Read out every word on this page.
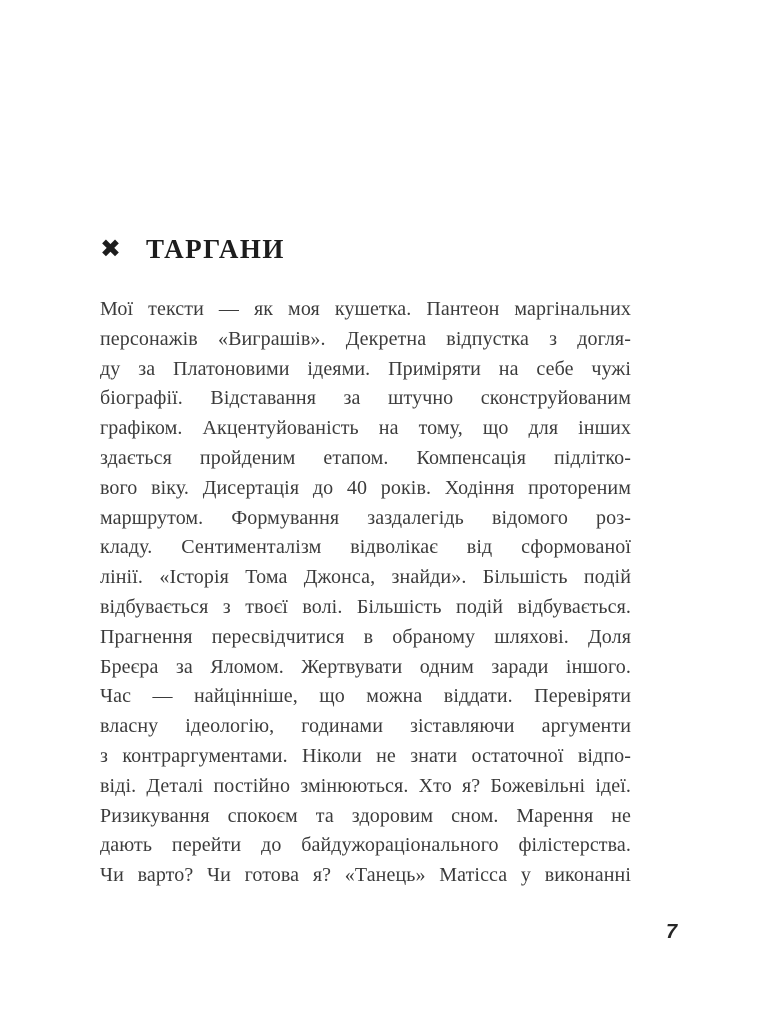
✖ ТАРГАНИ
Мої тексти — як моя кушетка. Пантеон маргінальних
персонажів «Виграшів». Декретна відпустка з догля-
ду за Платоновими ідеями. Приміряти на себе чужі
біографії. Відставання за штучно сконструйованим
графіком. Акцентуйованість на тому, що для інших
здається пройденим етапом. Компенсація підлітко-
вого віку. Дисертація до 40 років. Ходіння протореним
маршрутом. Формування заздалегідь відомого роз-
кладу. Сентименталізм відволікає від сформованої
лінії. «Історія Тома Джонса, знайди». Більшість подій
відбувається з твоєї волі. Більшість подій відбувається.
Прагнення пересвідчитися в обраному шляхові. Доля
Бреєра за Яломом. Жертвувати одним заради іншого.
Час — найцінніше, що можна віддати. Перевіряти
власну ідеологію, годинами зіставляючи аргументи
з контраргументами. Ніколи не знати остаточної відпо-
віді. Деталі постійно змінюються. Хто я? Божевільні ідеї.
Ризикування спокоєм та здоровим сном. Марення не
дають перейти до байдужораціонального філістерства.
Чи варто? Чи готова я? «Танець» Матісса у виконанні
7
